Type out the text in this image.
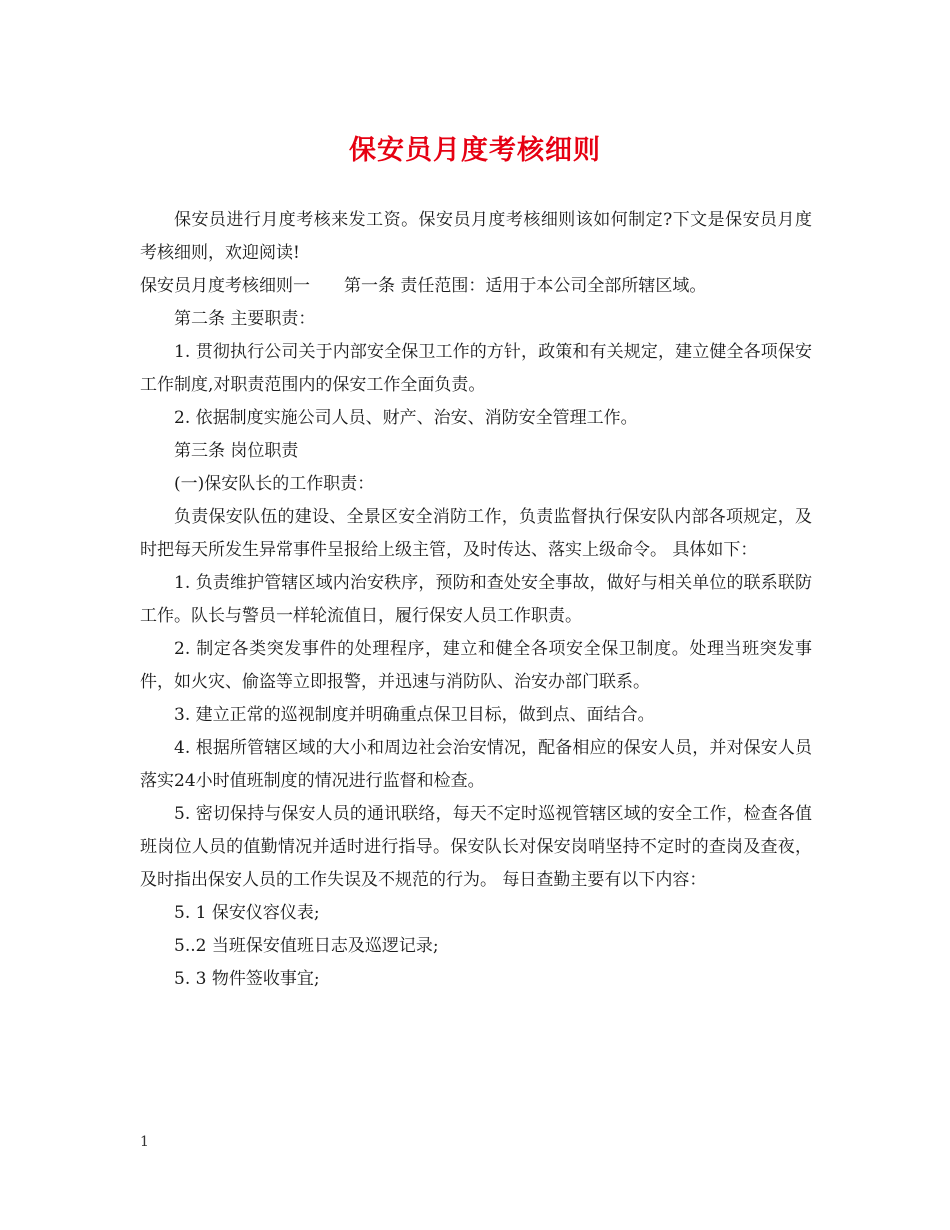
保安员月度考核细则

保安员进行月度考核来发工资。保安员月度考核细则该如何制定?下文是保安员月度考核细则，欢迎阅读!

保安员月度考核细则一　　第一条 责任范围：适用于本公司全部所辖区域。

第二条 主要职责：

1. 贯彻执行公司关于内部安全保卫工作的方针，政策和有关规定，建立健全各项保安工作制度,对职责范围内的保安工作全面负责。

2. 依据制度实施公司人员、财产、治安、消防安全管理工作。

第三条 岗位职责

(一)保安队长的工作职责：

负责保安队伍的建设、全景区安全消防工作，负责监督执行保安队内部各项规定，及时把每天所发生异常事件呈报给上级主管，及时传达、落实上级命令。 具体如下：

1. 负责维护管辖区域内治安秩序，预防和查处安全事故，做好与相关单位的联系联防工作。队长与警员一样轮流值日，履行保安人员工作职责。

2. 制定各类突发事件的处理程序，建立和健全各项安全保卫制度。处理当班突发事件，如火灾、偷盗等立即报警，并迅速与消防队、治安办部门联系。

3. 建立正常的巡视制度并明确重点保卫目标，做到点、面结合。

4. 根据所管辖区域的大小和周边社会治安情况，配备相应的保安人员，并对保安人员落实24小时值班制度的情况进行监督和检查。

5. 密切保持与保安人员的通讯联络，每天不定时巡视管辖区域的安全工作，检查各值班岗位人员的值勤情况并适时进行指导。保安队长对保安岗哨坚持不定时的查岗及查夜，及时指出保安人员的工作失误及不规范的行为。 每日查勤主要有以下内容：

5. 1 保安仪容仪表;

5..2 当班保安值班日志及巡逻记录;

5. 3 物件签收事宜;

1
